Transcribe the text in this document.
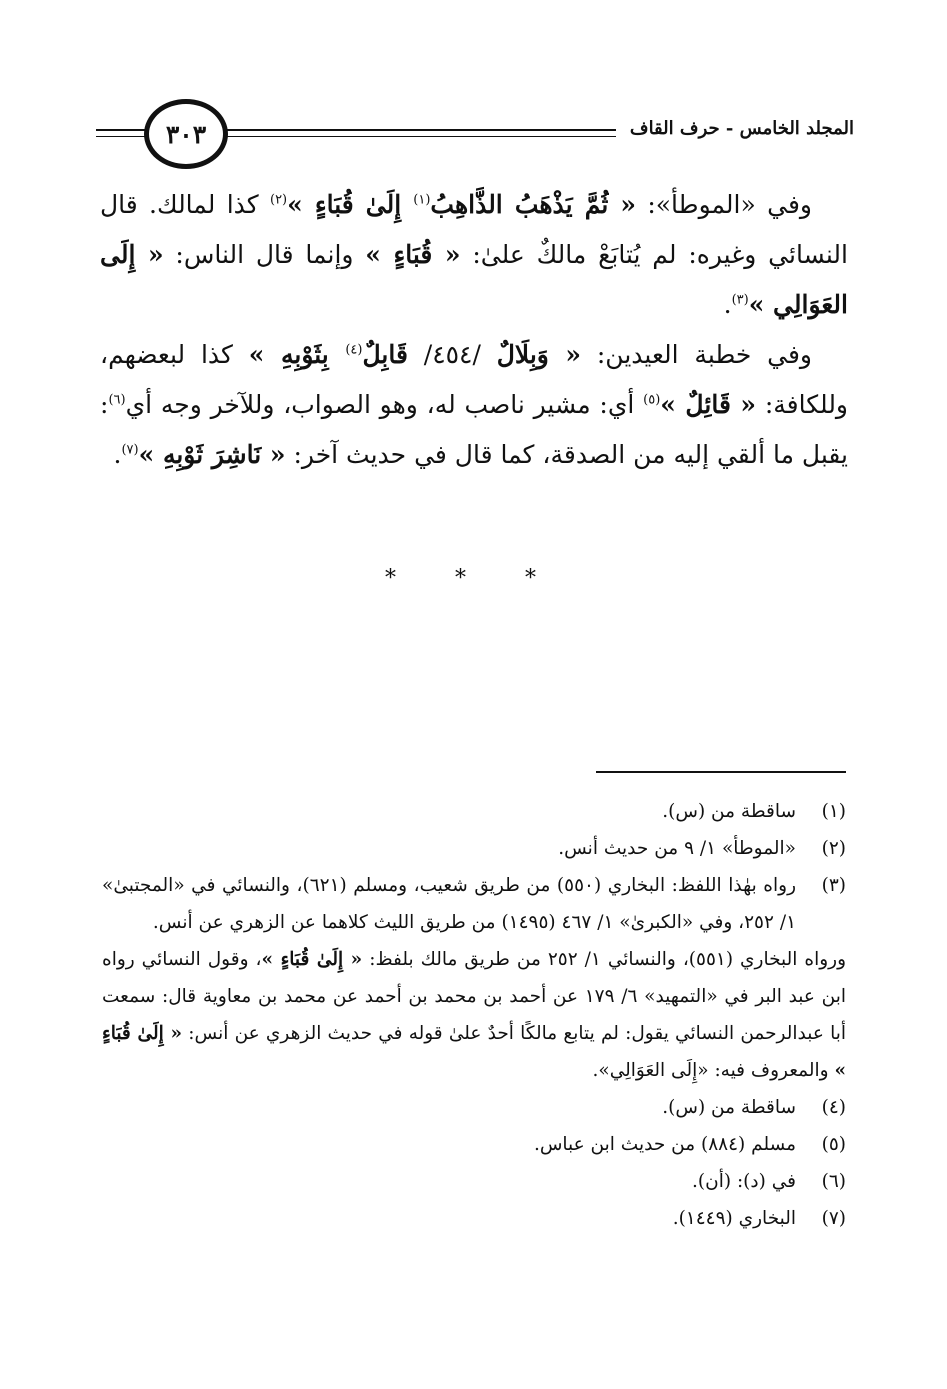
المجلد الخامس - حرف القاف
٣٠٣

وفي «الموطأ»: « ثُمَّ يَذْهَبُ الذَّاهِبُ$^{(١)}$ إِلَىٰ قُبَاءٍ »$^{(٢)}$ كذا لمالك. قال النسائي وغيره: لم يُتابَعْ مالكٌ علىٰ: « قُبَاءٍ » وإنما قال الناس: « إِلَى العَوَالِي »$^{(٣)}$.

وفي خطبة العيدين: « وَبِلَالٌ /٤٥٤/ قَابِلٌ$^{(٤)}$ بِثَوْبِهِ » كذا لبعضهم، وللكافة: « قَائِلٌ »$^{(٥)}$ أي: مشير ناصب له، وهو الصواب، وللآخر وجه أي$^{(٦)}$: يقبل ما ألقي إليه من الصدقة، كما قال في حديث آخر: « نَاشِرَ ثَوْبِهِ »$^{(٧)}$.

* * *
(١)
ساقطة من (س).
(٢)
«الموطأ» ١/ ٩ من حديث أنس.
(٣)
رواه بهٰذا اللفظ: البخاري (٥٥٠) من طريق شعيب، ومسلم (٦٢١)، والنسائي في «المجتبىٰ» ١/ ٢٥٢، وفي «الكبرىٰ» ١/ ٤٦٧ (١٤٩٥) من طريق الليث كلاهما عن الزهري عن أنس.
ورواه البخاري (٥٥١)، والنسائي ١/ ٢٥٢ من طريق مالك بلفظ: « إِلَىٰ قُبَاءٍ »، وقول النسائي رواه ابن عبد البر في «التمهيد» ٦/ ١٧٩ عن أحمد بن محمد بن أحمد عن محمد بن معاوية قال: سمعت أبا عبدالرحمن النسائي يقول: لم يتابع مالكًا أحدٌ علىٰ قوله في حديث الزهري عن أنس: « إِلَىٰ قُبَاءٍ » والمعروف فيه: «إِلَى العَوَالِي».
(٤)
ساقطة من (س).
(٥)
مسلم (٨٨٤) من حديث ابن عباس.
(٦)
في (د): (أن).
(٧)
البخاري (١٤٤٩).
